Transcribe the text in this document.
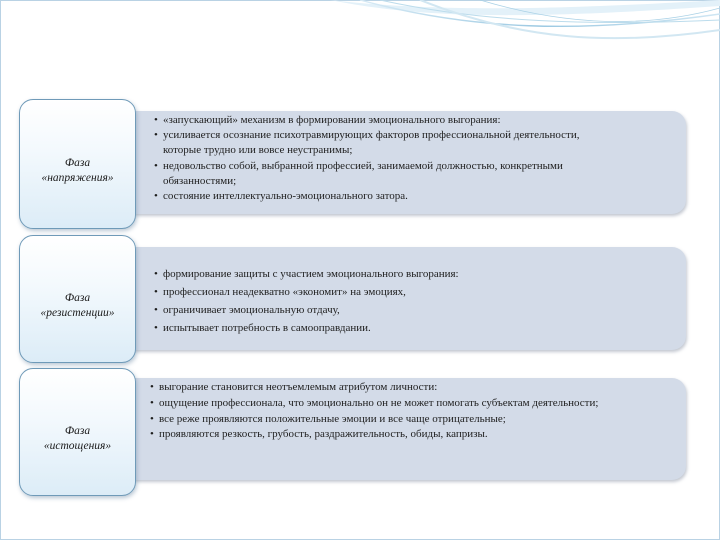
Фаза
«напряжения»
• «запускающий» механизм в формировании эмоционального выгорания:
• усиливается осознание психотравмирующих факторов профессиональной деятельности, которые трудно или вовсе неустранимы;
• недовольство собой, выбранной профессией, занимаемой должностью, конкретными обязанностями;
• состояние интеллектуально-эмоционального затора.
Фаза
«резистенции»
• формирование защиты с участием эмоционального выгорания:
• профессионал неадекватно «экономит» на эмоциях,
• ограничивает эмоциональную отдачу,
• испытывает потребность в самооправдании.
Фаза
«истощения»
• выгорание становится неотъемлемым атрибутом личности:
• ощущение профессионала, что эмоционально он не может помогать субъектам деятельности;
• все реже проявляются положительные эмоции и все чаще отрицательные;
• проявляются резкость, грубость, раздражительность, обиды, капризы.
